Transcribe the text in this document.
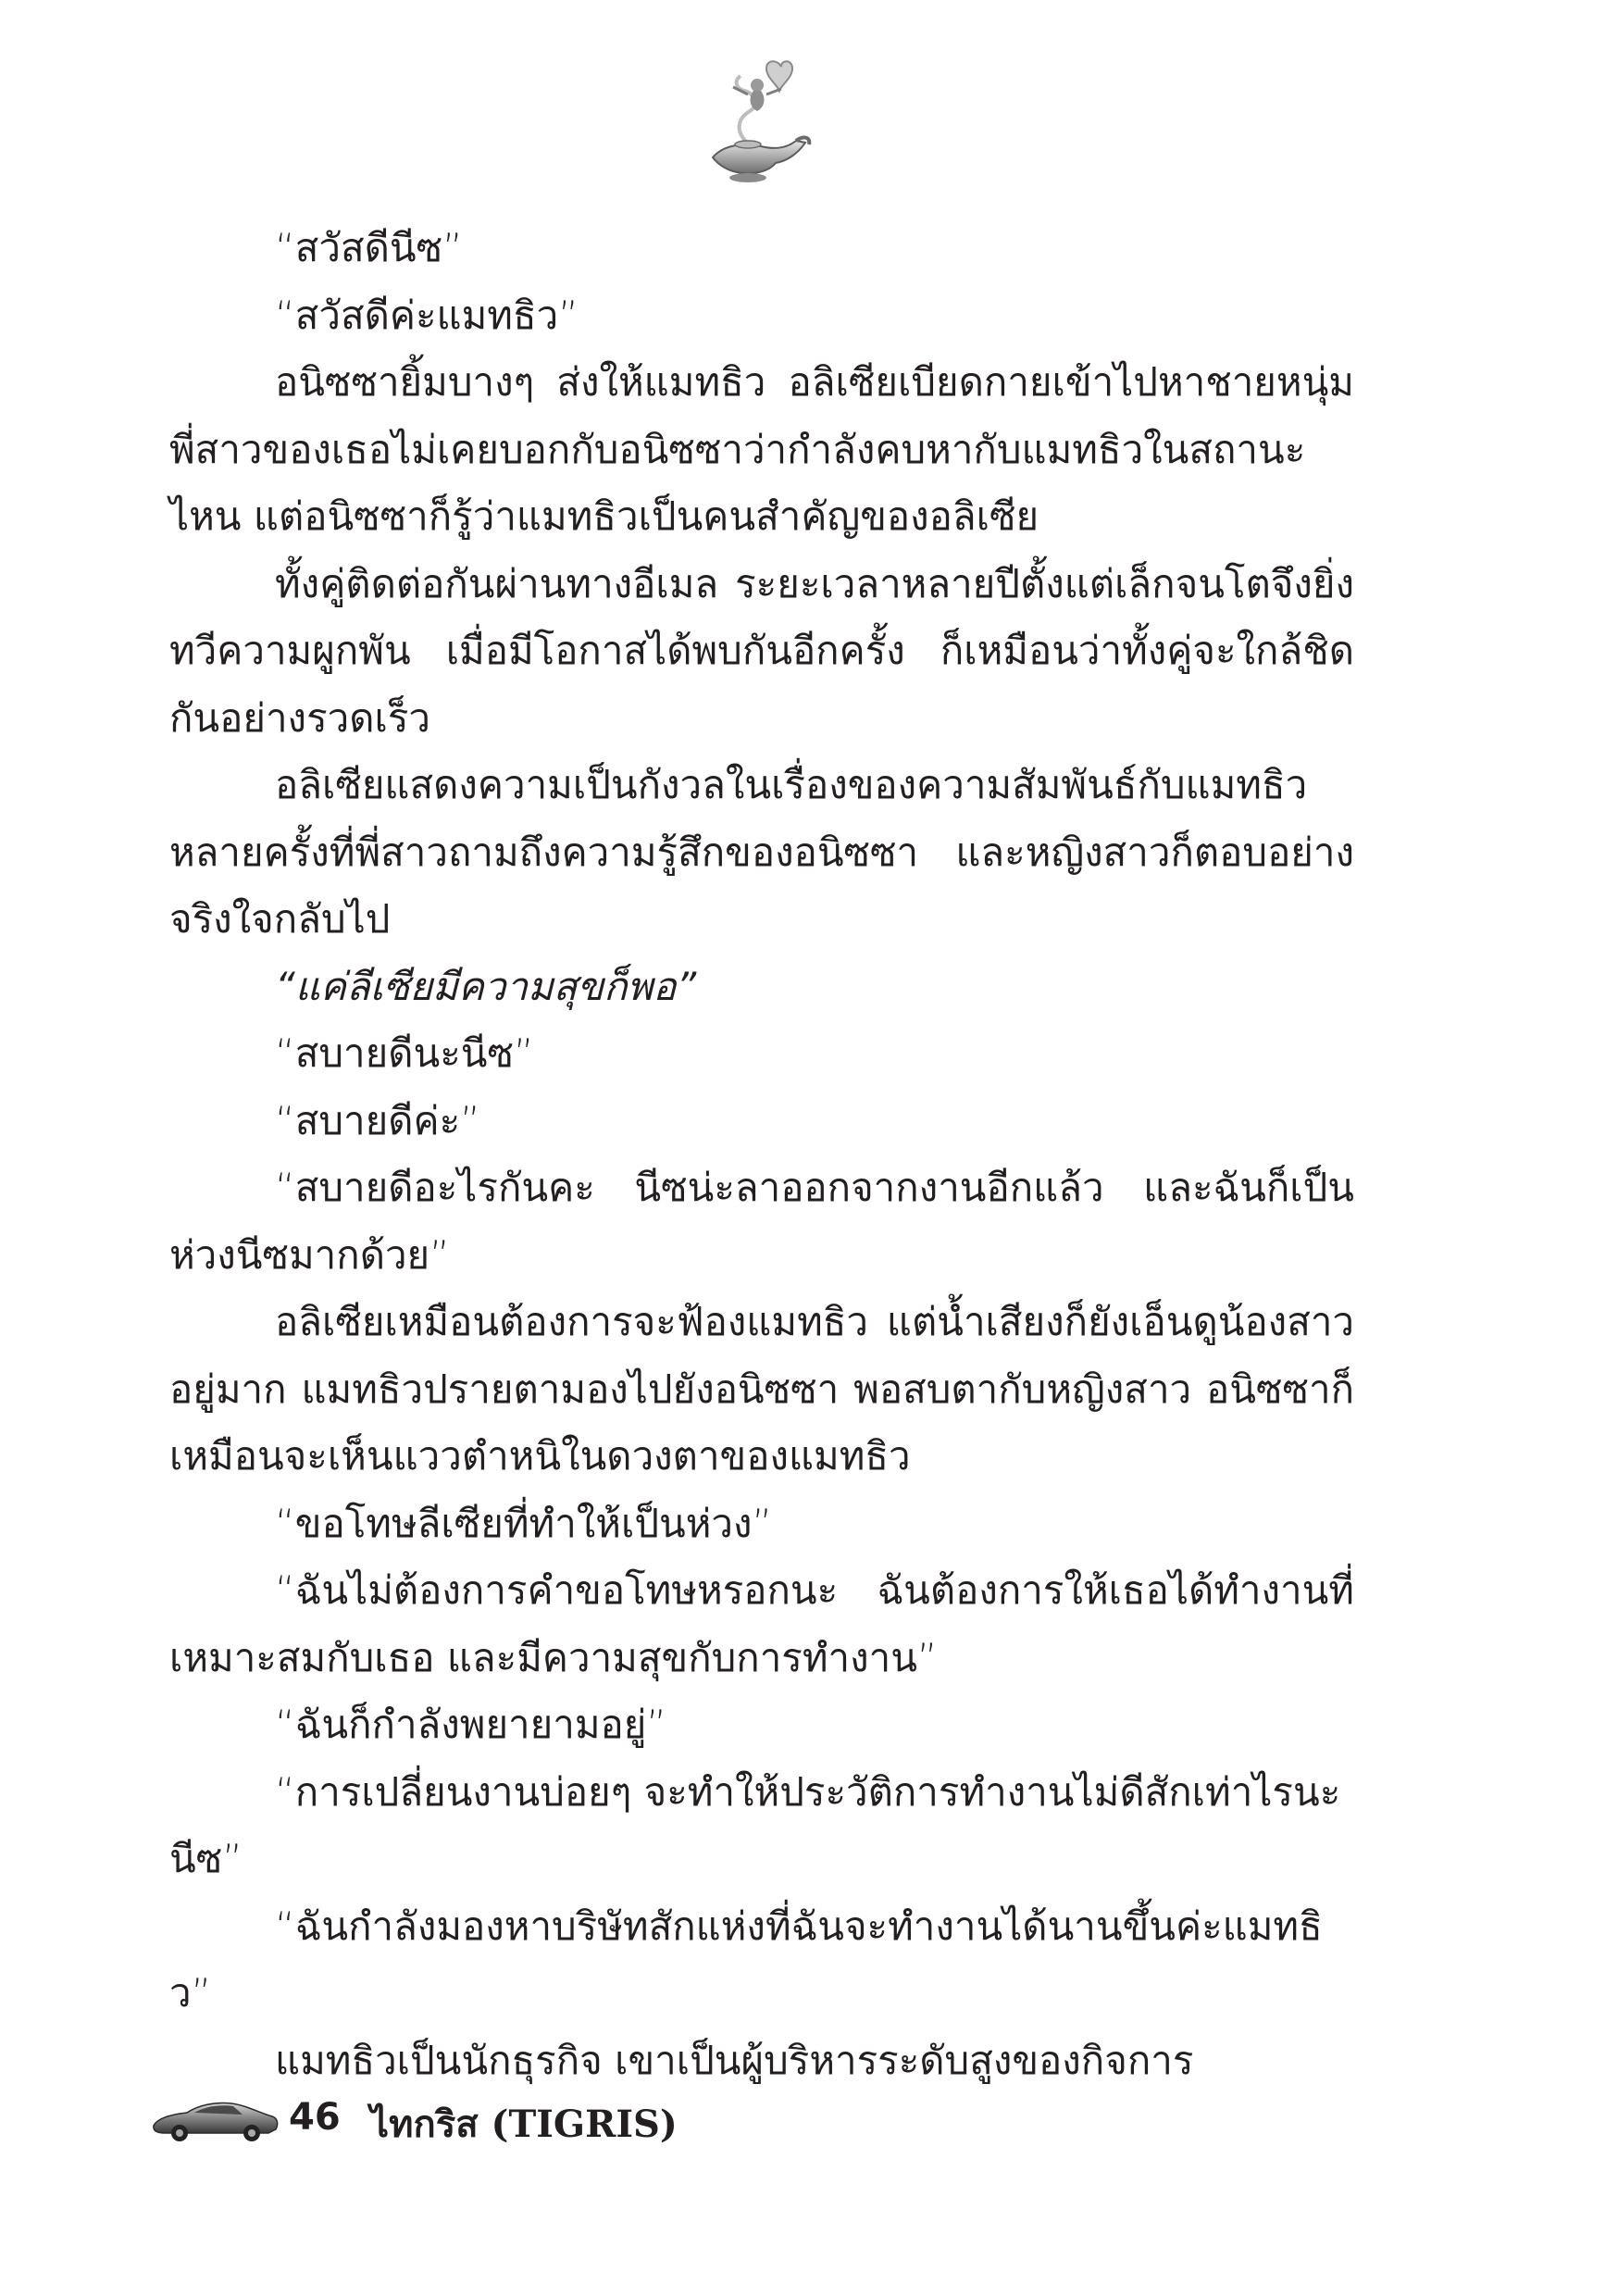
“สวัสดีนีซ”

“สวัสดีค่ะแมทธิว”

อนิซซายิ้มบางๆ ส่งให้แมทธิว อลิเซียเบียดกายเข้าไปหาชายหนุ่ม พี่สาวของเธอไม่เคยบอกกับอนิซซาว่ากำลังคบหากับแมทธิวในสถานะไหน แต่อนิซซาก็รู้ว่าแมทธิวเป็นคนสำคัญของอลิเซีย

ทั้งคู่ติดต่อกันผ่านทางอีเมล ระยะเวลาหลายปีตั้งแต่เล็กจนโตจึงยิ่งทวีความผูกพัน เมื่อมีโอกาสได้พบกันอีกครั้ง ก็เหมือนว่าทั้งคู่จะใกล้ชิดกันอย่างรวดเร็ว

อลิเซียแสดงความเป็นกังวลในเรื่องของความสัมพันธ์กับแมทธิว หลายครั้งที่พี่สาวถามถึงความรู้สึกของอนิซซา และหญิงสาวก็ตอบอย่างจริงใจกลับไป

“แค่ลีเซียมีความสุขก็พอ”

“สบายดีนะนีซ”

“สบายดีค่ะ”

“สบายดีอะไรกันคะ นีซน่ะลาออกจากงานอีกแล้ว และฉันก็เป็นห่วงนีซมากด้วย”

อลิเซียเหมือนต้องการจะฟ้องแมทธิว แต่น้ำเสียงก็ยังเอ็นดูน้องสาวอยู่มาก แมทธิวปรายตามองไปยังอนิซซา พอสบตากับหญิงสาว อนิซซาก็เหมือนจะเห็นแววตำหนิในดวงตาของแมทธิว

“ขอโทษลีเซียที่ทำให้เป็นห่วง”

“ฉันไม่ต้องการคำขอโทษหรอกนะ ฉันต้องการให้เธอได้ทำงานที่เหมาะสมกับเธอ และมีความสุขกับการทำงาน”

“ฉันก็กำลังพยายามอยู่”

“การเปลี่ยนงานบ่อยๆ จะทำให้ประวัติการทำงานไม่ดีสักเท่าไรนะนีซ”

“ฉันกำลังมองหาบริษัทสักแห่งที่ฉันจะทำงานได้นานขึ้นค่ะแมทธิว”

แมทธิวเป็นนักธุรกิจ เขาเป็นผู้บริหารระดับสูงของกิจการ

46 ไทกริส (TIGRIS)
